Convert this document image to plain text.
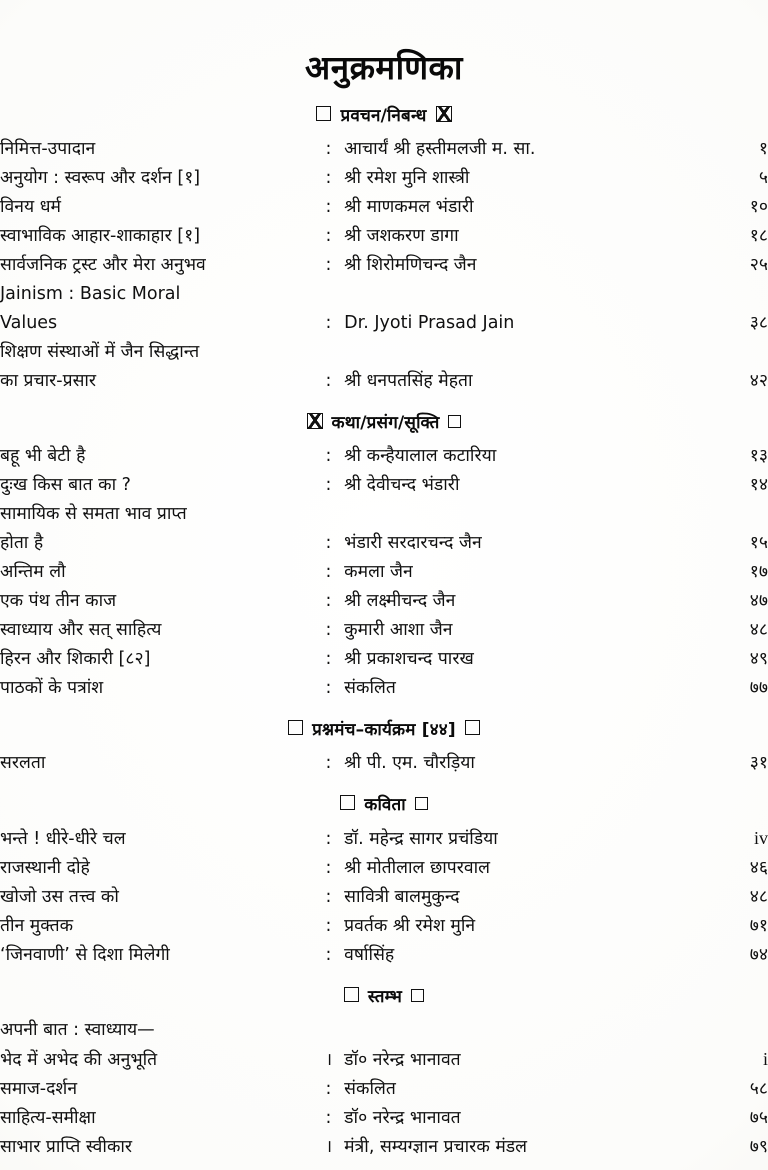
अनुक्रमणिका
प्रवचन/निबन्ध
निमित्त-उपादान	:	आचार्यं श्री हस्तीमलजी म. सा.	१
अनुयोग : स्वरूप और दर्शन [१]	:	श्री रमेश मुनि शास्त्री	५
विनय धर्म	:	श्री माणकमल भंडारी	१०
स्वाभाविक आहार-शाकाहार [१]	:	श्री जशकरण डागा	१८
सार्वजनिक ट्रस्ट और मेरा अनुभव	:	श्री शिरोमणिचन्द जैन	२५
Jainism : Basic Moral			
Values	:	Dr. Jyoti Prasad Jain	३८
शिक्षण संस्थाओं में जैन सिद्धान्त			
का प्रचार-प्रसार	:	श्री धनपतसिंह मेहता	४२
कथा/प्रसंग/सूक्ति
बहू भी बेटी है	:	श्री कन्हैयालाल कटारिया	१३
दुःख किस बात का ?	:	श्री देवीचन्द भंडारी	१४
सामायिक से समता भाव प्राप्त			
होता है	:	भंडारी सरदारचन्द जैन	१५
अन्तिम लौ	:	कमला जैन	१७
एक पंथ तीन काज	:	श्री लक्ष्मीचन्द जैन	४७
स्वाध्याय और सत् साहित्य	:	कुमारी आशा जैन	४८
हिरन और शिकारी [८२]	:	श्री प्रकाशचन्द पारख	४९
पाठकों के पत्रांश	:	संकलित	७७
प्रश्नमंच–कार्यक्रम [४४]
सरलता	:	श्री पी. एम. चौरड़िया	३१
कविता
भन्ते ! धीरे-धीरे चल	:	डॉ. महेन्द्र सागर प्रचंडिया	iv
राजस्थानी दोहे	:	श्री मोतीलाल छापरवाल	४६
खोजो उस तत्त्व को	:	सावित्री बालमुकुन्द	४८
तीन मुक्तक	:	प्रवर्तक श्री रमेश मुनि	७१
‘जिनवाणी’ से दिशा मिलेगी	:	वर्षासिंह	७४
स्तम्भ
अपनी बात : स्वाध्याय—			
भेद में अभेद की अनुभूति	।	डॉ० नरेन्द्र भानावत	i
समाज-दर्शन	:	संकलित	५८
साहित्य-समीक्षा	:	डॉ० नरेन्द्र भानावत	७५
साभार प्राप्ति स्वीकार	।	मंत्री, सम्यग्ज्ञान प्रचारक मंडल	७९
